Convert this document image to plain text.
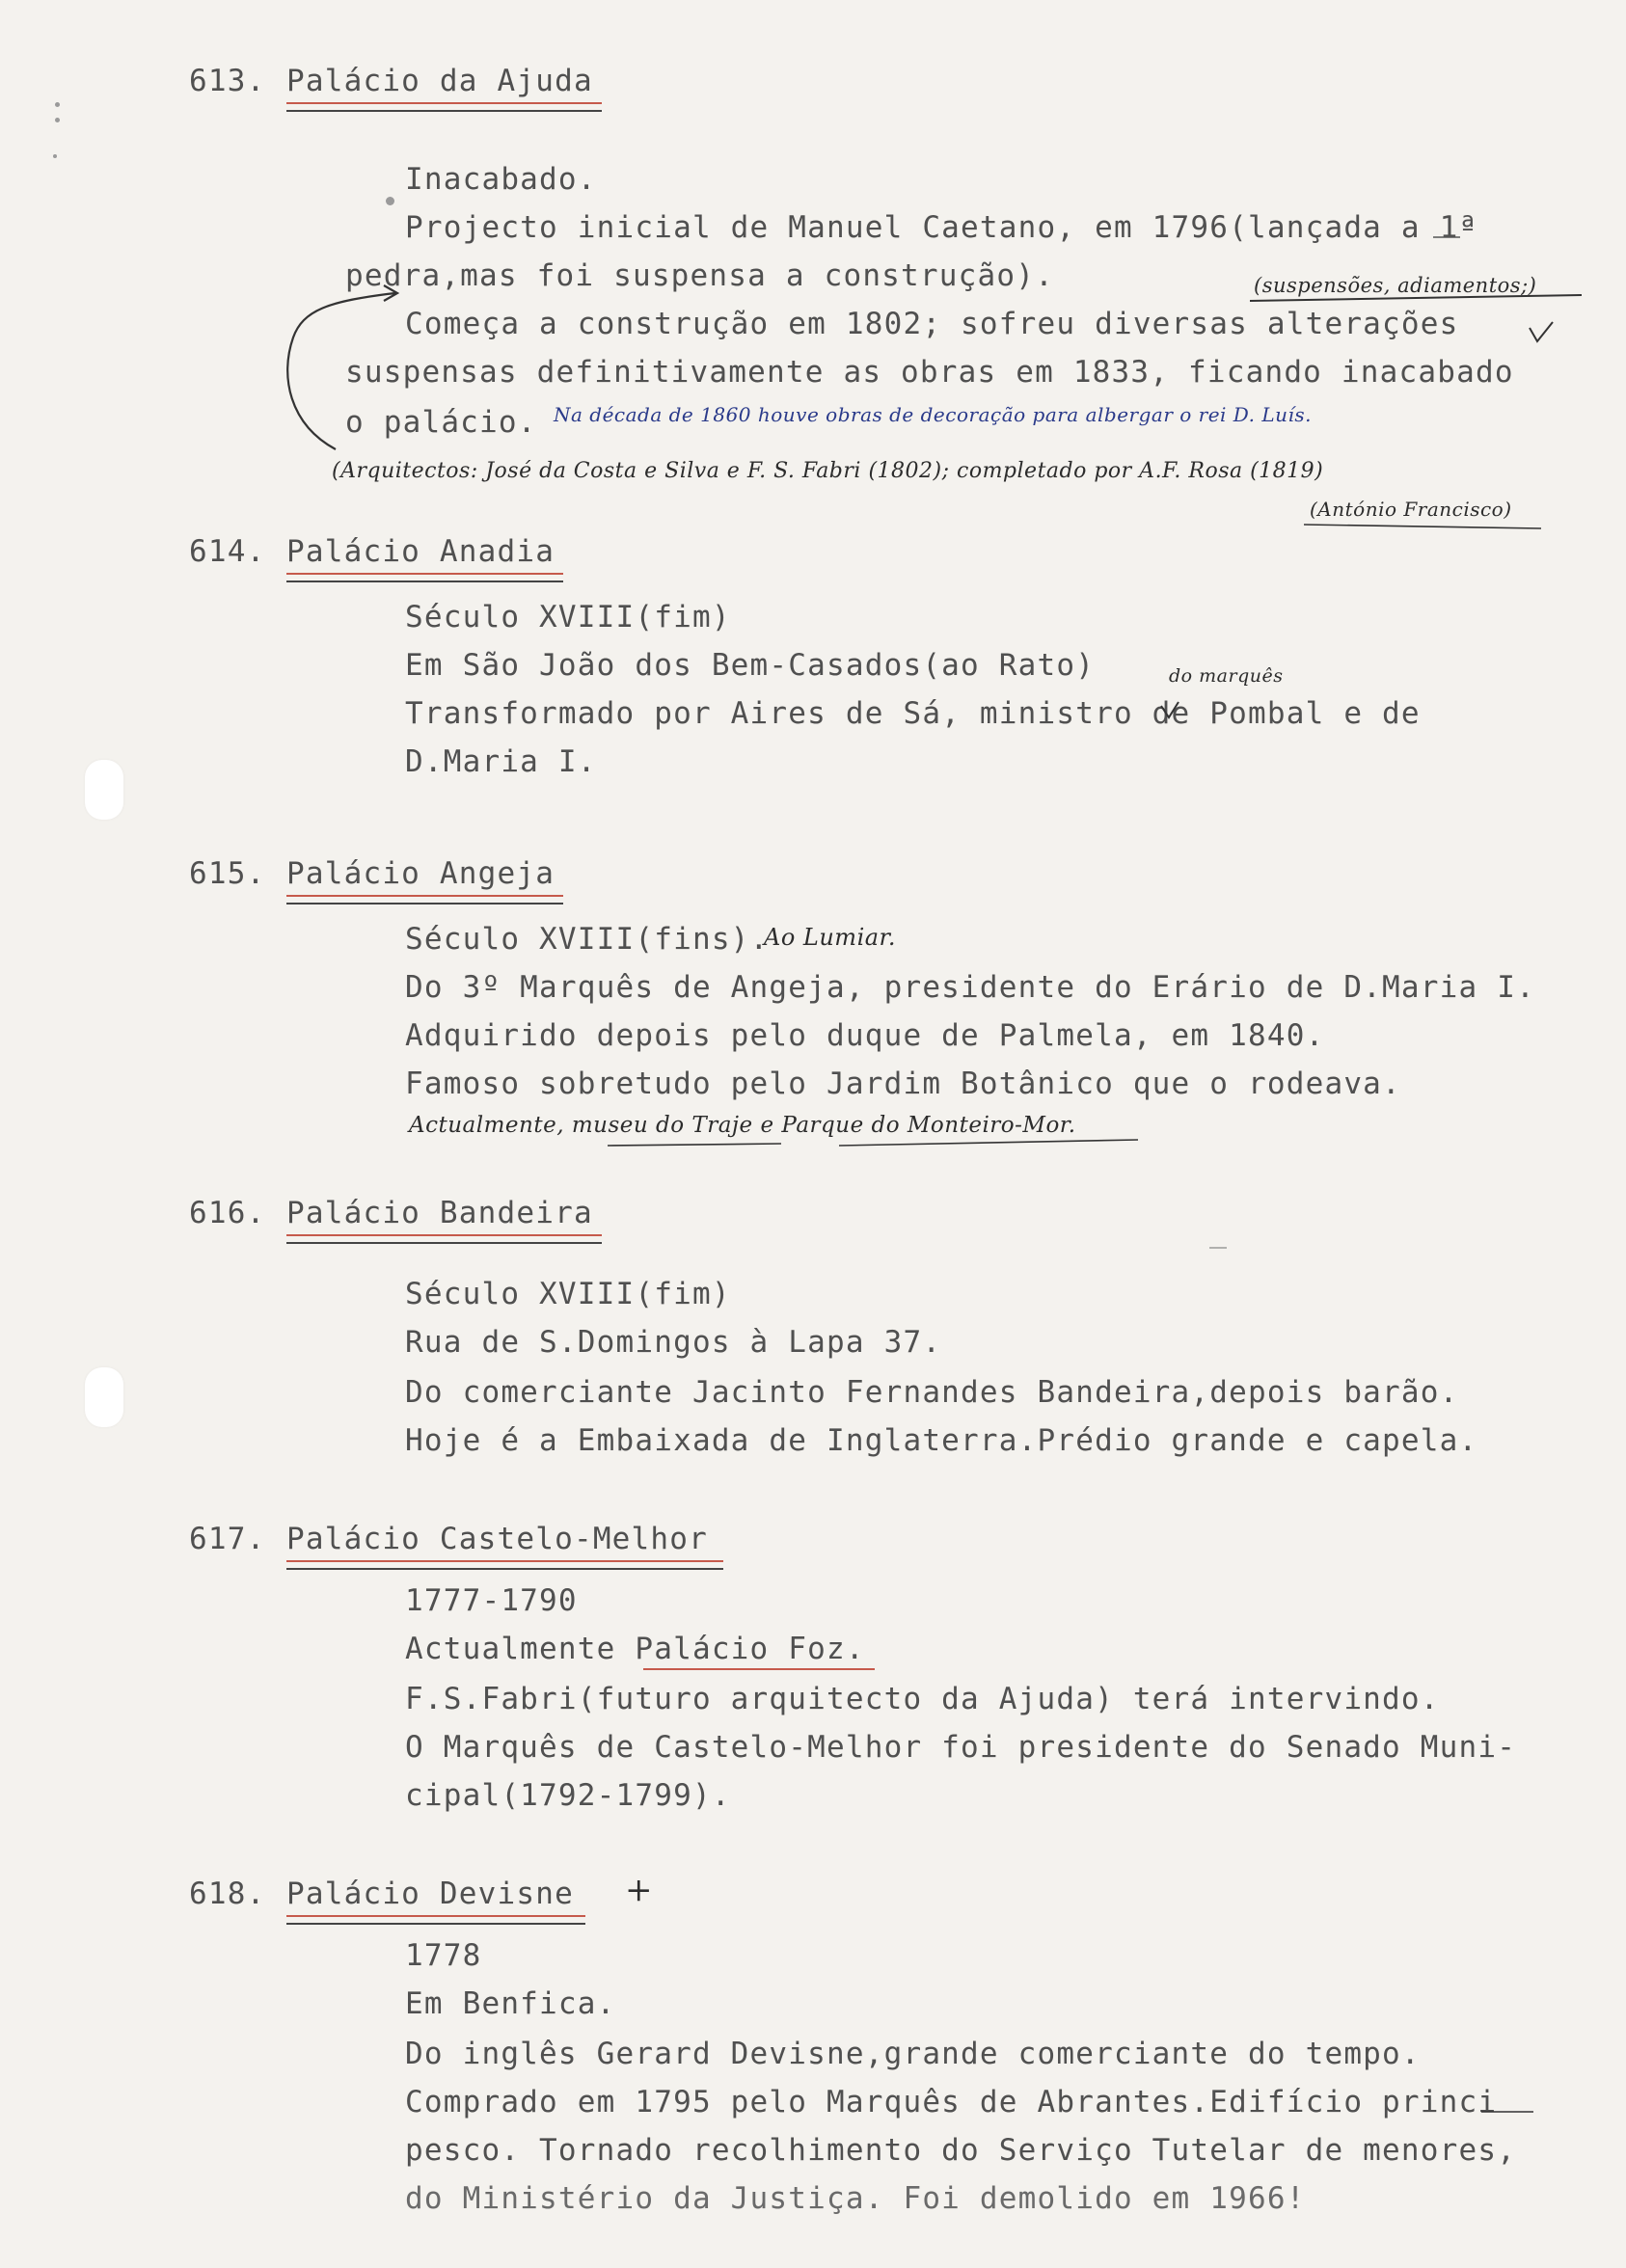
613. Palácio da Ajuda
Inacabado.
Projecto inicial de Manuel Caetano, em 1796(lançada a 1ª
pedra,mas foi suspensa a construção).
Começa a construção em 1802; sofreu diversas alterações
suspensas definitivamente as obras em 1833, ficando inacabado
o palácio.
(suspensões, adiamentos;)
Na década de 1860 houve obras de decoração para albergar o rei D. Luís.
(Arquitectos: José da Costa e Silva e F. S. Fabri (1802); completado por A.F. Rosa (1819)
(António Francisco)
614. Palácio Anadia
Século XVIII(fim)
Em São João dos Bem-Casados(ao Rato)
Transformado por Aires de Sá, ministro de Pombal e de
D.Maria I.
do marquês
615. Palácio Angeja
Século XVIII(fins).
Ao Lumiar.
Do 3º Marquês de Angeja, presidente do Erário de D.Maria I.
Adquirido depois pelo duque de Palmela, em 1840.
Famoso sobretudo pelo Jardim Botânico que o rodeava.
Actualmente, museu do Traje e Parque do Monteiro-Mor.
616. Palácio Bandeira
Século XVIII(fim)
Rua de S.Domingos à Lapa 37.
Do comerciante Jacinto Fernandes Bandeira,depois barão.
Hoje é a Embaixada de Inglaterra.Prédio grande e capela.
617. Palácio Castelo-Melhor
1777-1790
Actualmente Palácio Foz.
F.S.Fabri(futuro arquitecto da Ajuda) terá intervindo.
O Marquês de Castelo-Melhor foi presidente do Senado Muni-
cipal(1792-1799).
618. Palácio Devisne +
1778
Em Benfica.
Do inglês Gerard Devisne,grande comerciante do tempo.
Comprado em 1795 pelo Marquês de Abrantes.Edifício princi
pesco. Tornado recolhimento do Serviço Tutelar de menores,
do Ministério da Justiça. Foi demolido em 1966!
